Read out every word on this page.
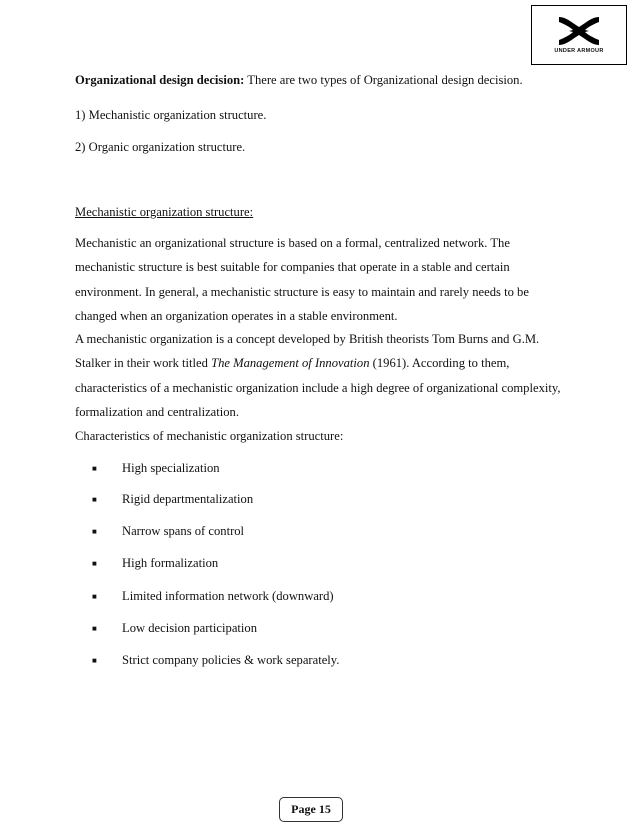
UNDER ARMOUR
Organizational design decision: There are two types of Organizational design decision.
1) Mechanistic organization structure.
2) Organic organization structure.
Mechanistic organization structure:
Mechanistic an organizational structure is based on a formal, centralized network. The
mechanistic structure is best suitable for companies that operate in a stable and certain
environment. In general, a mechanistic structure is easy to maintain and rarely needs to be
changed when an organization operates in a stable environment.
A mechanistic organization is a concept developed by British theorists Tom Burns and G.M.
Stalker in their work titled The Management of Innovation (1961). According to them,
characteristics of a mechanistic organization include a high degree of organizational complexity,
formalization and centralization.
Characteristics of mechanistic organization structure:
■ High specialization
■ Rigid departmentalization
■ Narrow spans of control
■ High formalization
■ Limited information network (downward)
■ Low decision participation
■ Strict company policies & work separately.
Page 15
